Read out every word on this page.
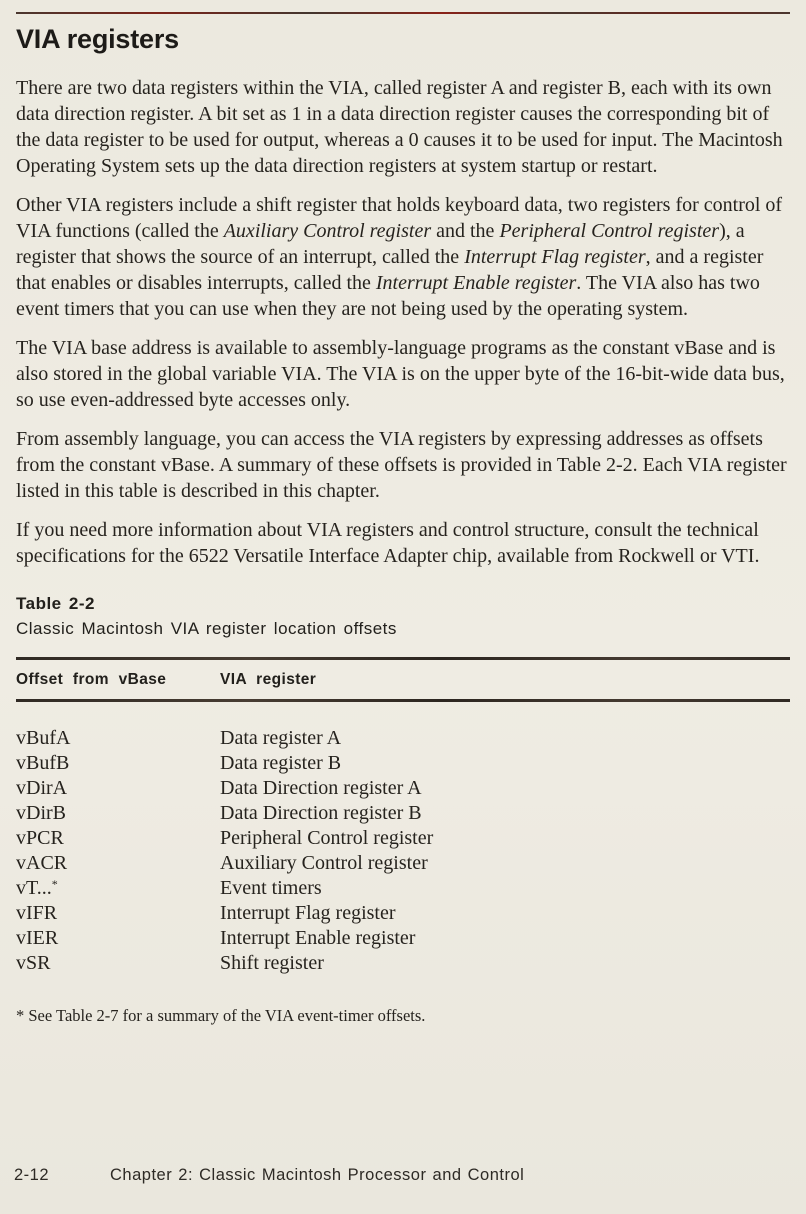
VIA registers

There are two data registers within the VIA, called register A and register B, each with its own data direction register. A bit set as 1 in a data direction register causes the corresponding bit of the data register to be used for output, whereas a 0 causes it to be used for input. The Macintosh Operating System sets up the data direction registers at system startup or restart.

Other VIA registers include a shift register that holds keyboard data, two registers for control of VIA functions (called the Auxiliary Control register and the Peripheral Control register), a register that shows the source of an interrupt, called the Interrupt Flag register, and a register that enables or disables interrupts, called the Interrupt Enable register. The VIA also has two event timers that you can use when they are not being used by the operating system.

The VIA base address is available to assembly-language programs as the constant vBase and is also stored in the global variable VIA. The VIA is on the upper byte of the 16-bit-wide data bus, so use even-addressed byte accesses only.

From assembly language, you can access the VIA registers by expressing addresses as offsets from the constant vBase. A summary of these offsets is provided in Table 2-2. Each VIA register listed in this table is described in this chapter.

If you need more information about VIA registers and control structure, consult the technical specifications for the 6522 Versatile Interface Adapter chip, available from Rockwell or VTI.

Table 2-2
Classic Macintosh VIA register location offsets
Offset from vBase	VIA register
vBufA	Data register A
vBufB	Data register B
vDirA	Data Direction register A
vDirB	Data Direction register B
vPCR	Peripheral Control register
vACR	Auxiliary Control register
vT...*	Event timers
vIFR	Interrupt Flag register
vIER	Interrupt Enable register
vSR	Shift register
* See Table 2-7 for a summary of the VIA event-timer offsets.
2-12	Chapter 2: Classic Macintosh Processor and Control
